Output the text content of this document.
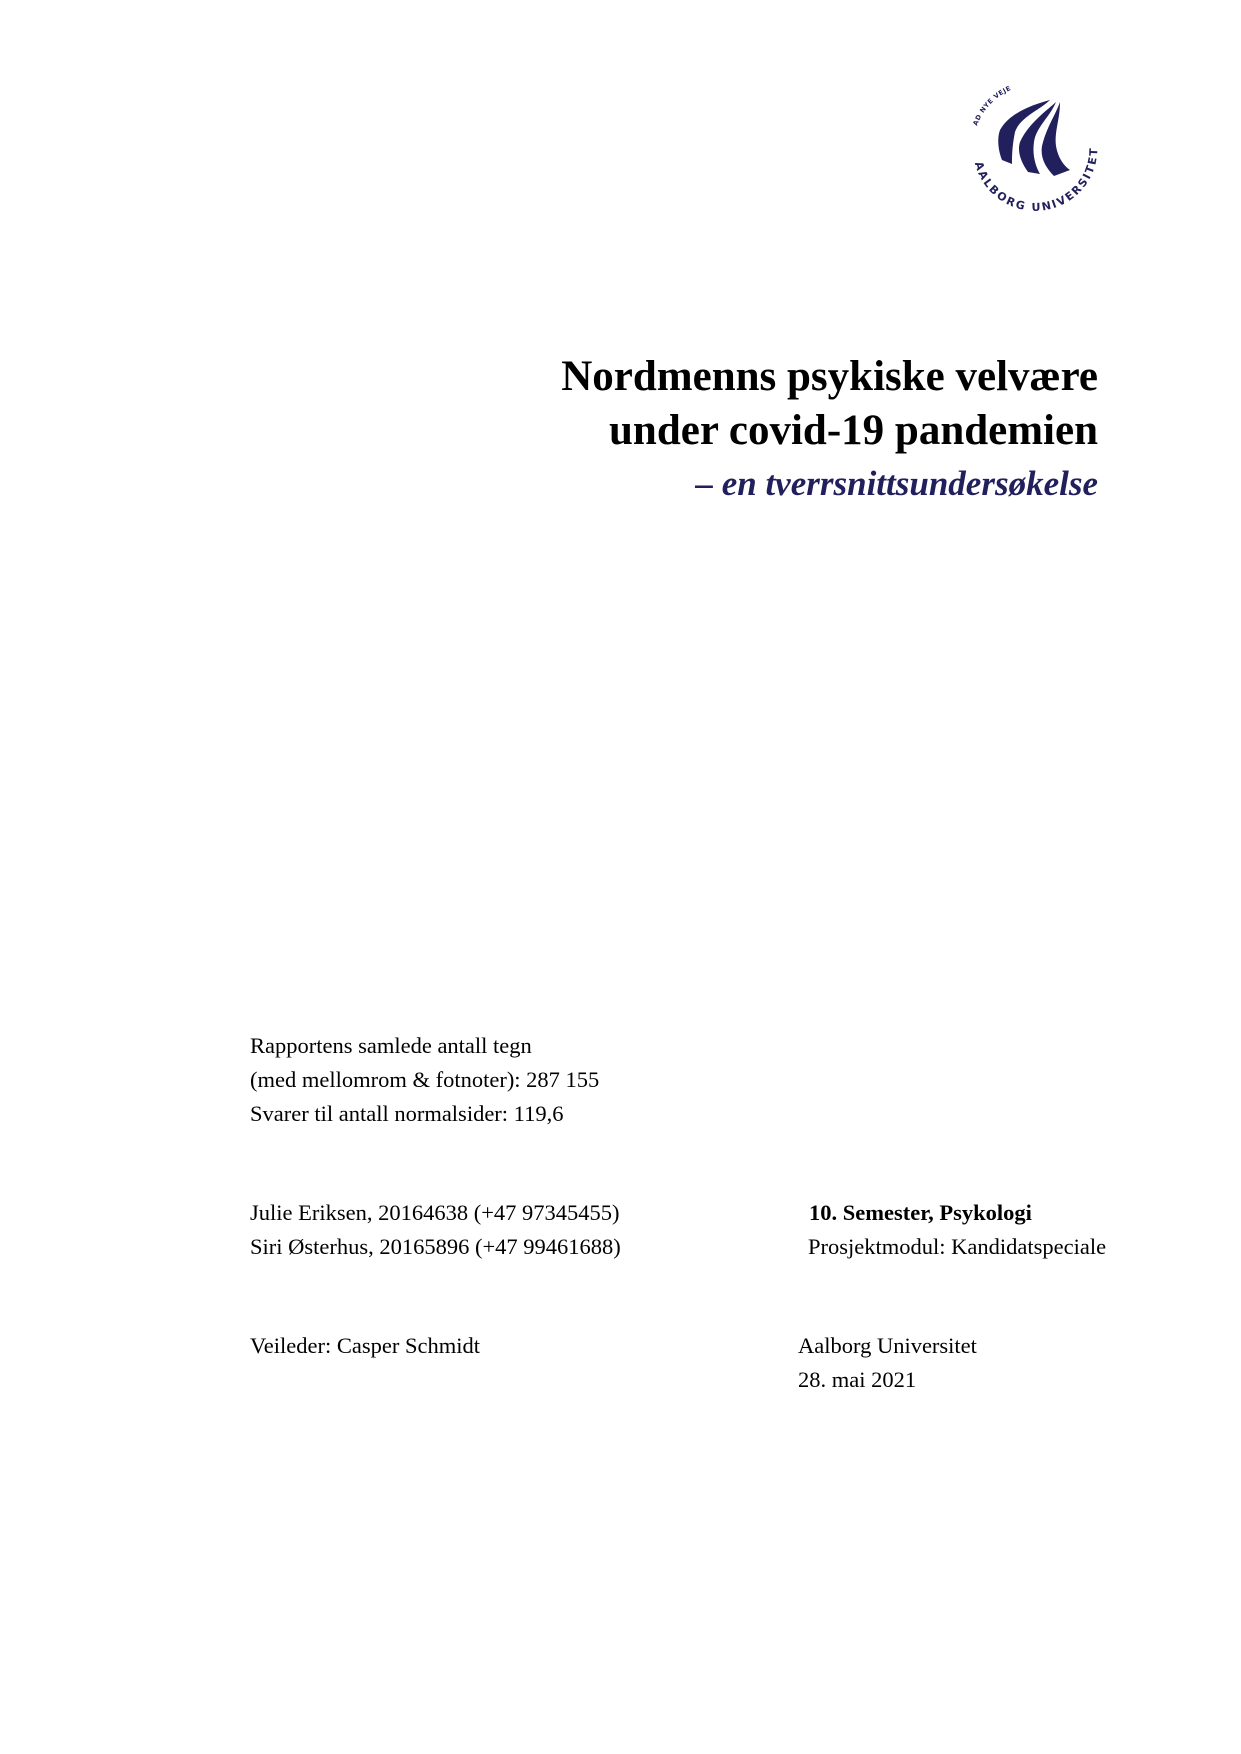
AD NYE VEJE
AALBORG UNIVERSITET
Nordmenns psykiske velvære
under covid-19 pandemien
– en tverrsnittsundersøkelse
Rapportens samlede antall tegn
(med mellomrom & fotnoter): 287 155
Svarer til antall normalsider: 119,6
Julie Eriksen, 20164638 (+47 97345455)
Siri Østerhus, 20165896 (+47 99461688)
10. Semester, Psykologi
Prosjektmodul: Kandidatspeciale
Veileder: Casper Schmidt	Aalborg Universitet
28. mai 2021
